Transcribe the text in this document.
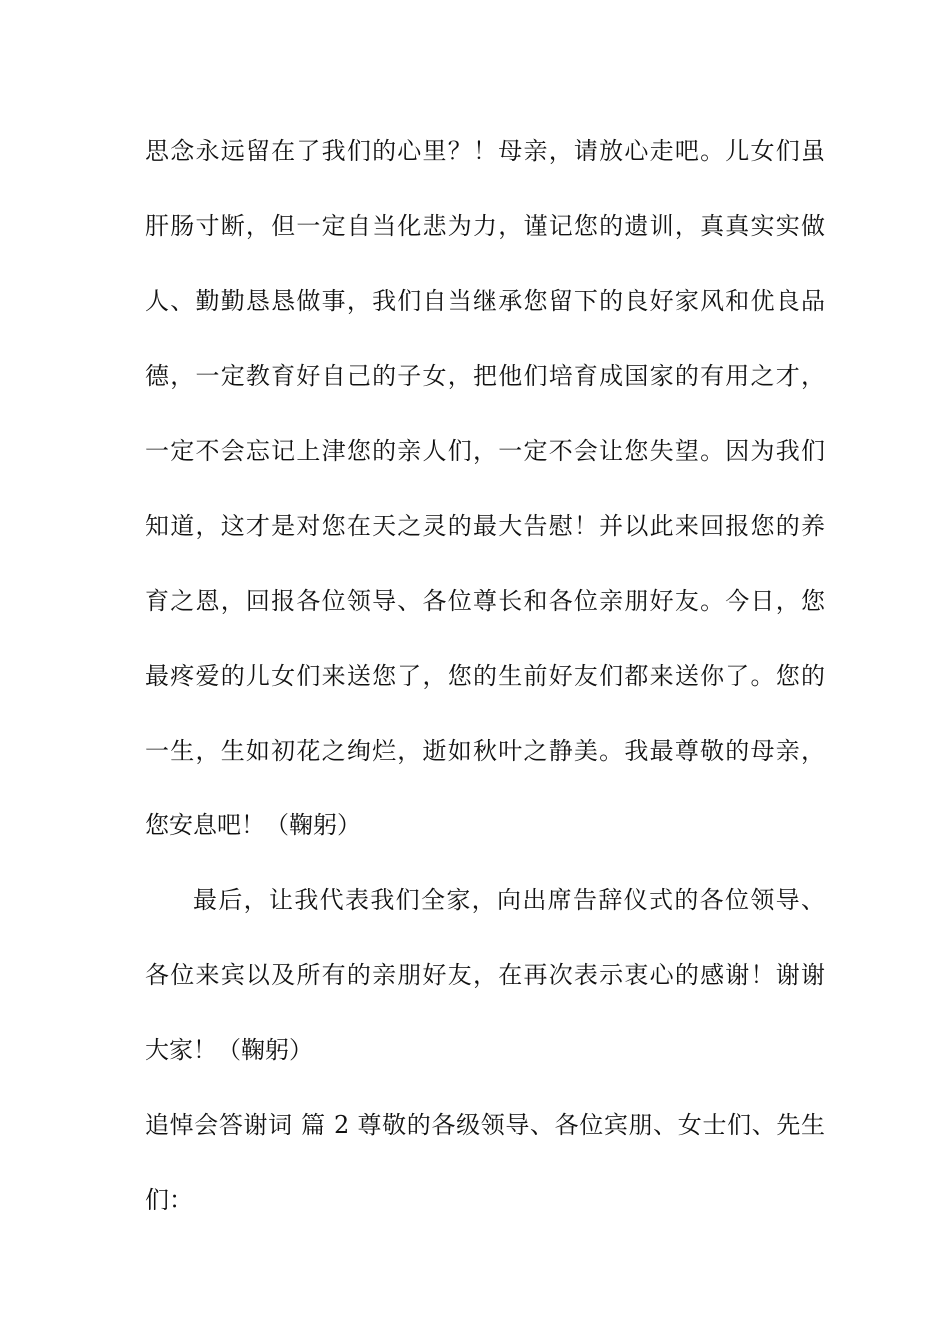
思念永远留在了我们的心里？！母亲，请放心走吧。儿女们虽
肝肠寸断，但一定自当化悲为力，谨记您的遗训，真真实实做
人、勤勤恳恳做事，我们自当继承您留下的良好家风和优良品
德，一定教育好自己的子女，把他们培育成国家的有用之才，
一定不会忘记上津您的亲人们，一定不会让您失望。因为我们
知道，这才是对您在天之灵的最大告慰！并以此来回报您的养
育之恩，回报各位领导、各位尊长和各位亲朋好友。今日，您
最疼爱的儿女们来送您了，您的生前好友们都来送你了。您的
一生，生如初花之绚烂，逝如秋叶之静美。我最尊敬的母亲，
您安息吧！（鞠躬）
最后，让我代表我们全家，向出席告辞仪式的各位领导、
各位来宾以及所有的亲朋好友，在再次表示衷心的感谢！谢谢
大家！（鞠躬）
追悼会答谢词 篇 2 尊敬的各级领导、各位宾朋、女士们、先生
们：
